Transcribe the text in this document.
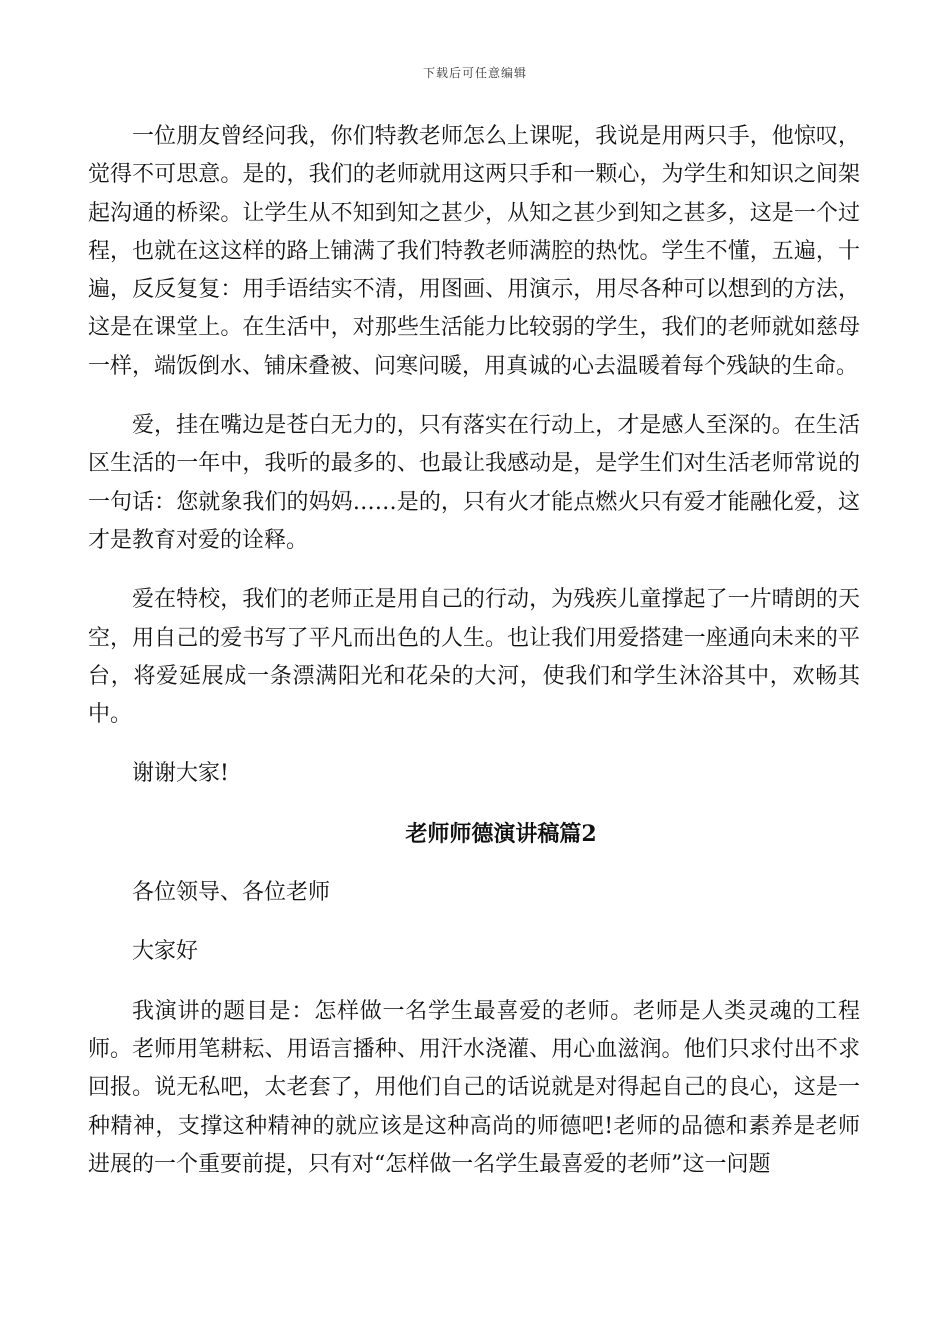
下载后可任意编辑

一位朋友曾经问我，你们特教老师怎么上课呢，我说是用两只手，他惊叹，觉得不可思意。是的，我们的老师就用这两只手和一颗心，为学生和知识之间架起沟通的桥梁。让学生从不知到知之甚少，从知之甚少到知之甚多，这是一个过程，也就在这这样的路上铺满了我们特教老师满腔的热忱。学生不懂，五遍，十遍，反反复复：用手语结实不清，用图画、用演示，用尽各种可以想到的方法，这是在课堂上。在生活中，对那些生活能力比较弱的学生，我们的老师就如慈母一样，端饭倒水、铺床叠被、问寒问暖，用真诚的心去温暖着每个残缺的生命。

爱，挂在嘴边是苍白无力的，只有落实在行动上，才是感人至深的。在生活区生活的一年中，我听的最多的、也最让我感动是，是学生们对生活老师常说的一句话：您就象我们的妈妈……是的，只有火才能点燃火只有爱才能融化爱，这才是教育对爱的诠释。

爱在特校，我们的老师正是用自己的行动，为残疾儿童撑起了一片晴朗的天空，用自己的爱书写了平凡而出色的人生。也让我们用爱搭建一座通向未来的平台，将爱延展成一条漂满阳光和花朵的大河，使我们和学生沐浴其中，欢畅其中。

谢谢大家!

老师师德演讲稿篇2

各位领导、各位老师

大家好

我演讲的题目是：怎样做一名学生最喜爱的老师。老师是人类灵魂的工程师。老师用笔耕耘、用语言播种、用汗水浇灌、用心血滋润。他们只求付出不求回报。说无私吧，太老套了，用他们自己的话说就是对得起自己的良心，这是一种精神，支撑这种精神的就应该是这种高尚的师德吧!老师的品德和素养是老师进展的一个重要前提，只有对“怎样做一名学生最喜爱的老师”这一问题
